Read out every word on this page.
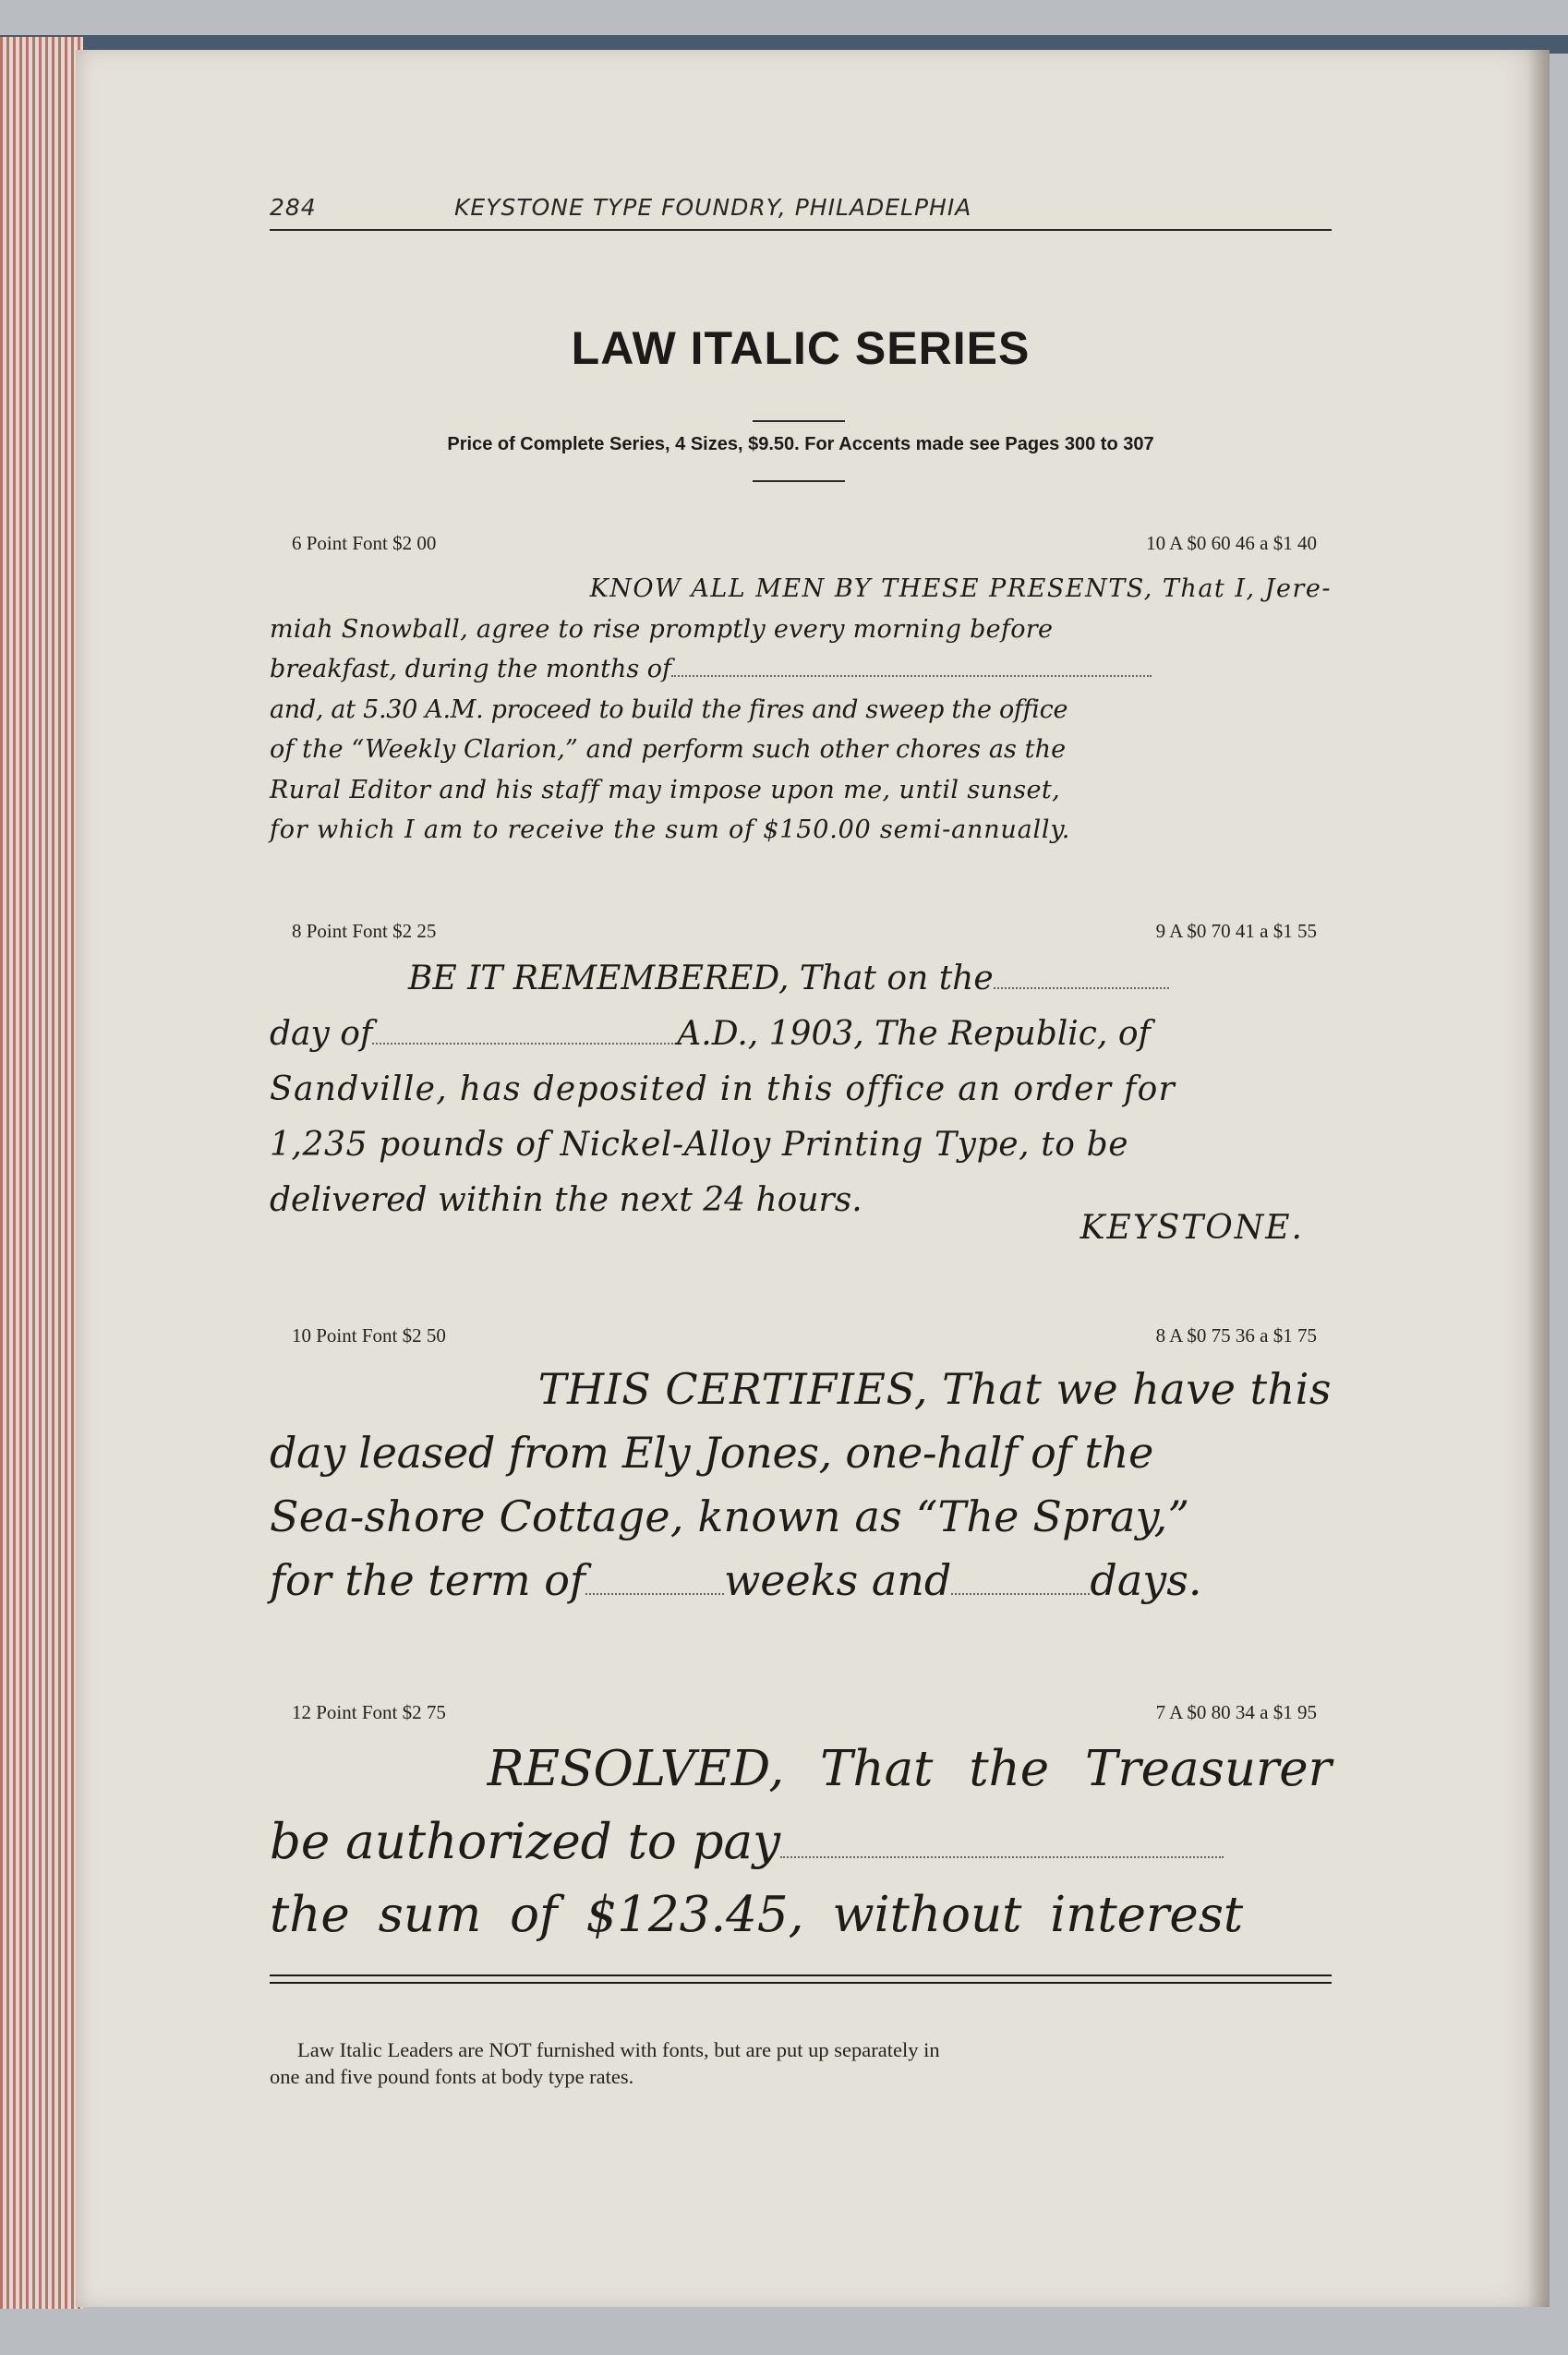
284	KEYSTONE TYPE FOUNDRY, PHILADELPHIA
LAW ITALIC SERIES
Price of Complete Series, 4 Sizes, $9.50. For Accents made see Pages 300 to 307
6 Point Font $2 00	10 A $0 60 46 a $1 40
KNOW ALL MEN BY THESE PRESENTS, That I, Jere-
miah Snowball, agree to rise promptly every morning before
breakfast, during the months of
and, at 5.30 A.M. proceed to build the fires and sweep the office
of the “Weekly Clarion,” and perform such other chores as the
Rural Editor and his staff may impose upon me, until sunset,
for which I am to receive the sum of $150.00 semi-annually.
8 Point Font $2 25	9 A $0 70 41 a $1 55
BE IT REMEMBERED, That on the
day of	A.D., 1903, The Republic, of
Sandville, has deposited in this office an order for
1,235 pounds of Nickel-Alloy Printing Type, to be
delivered within the next 24 hours.
KEYSTONE.
10 Point Font $2 50	8 A $0 75 36 a $1 75
THIS CERTIFIES, That we have this
day leased from Ely Jones, one-half of the
Sea-shore Cottage, known as “The Spray,”
for the term of	weeks and	days.
12 Point Font $2 75	7 A $0 80 34 a $1 95
RESOLVED, That the Treasurer
be authorized to pay
the sum of $123.45, without interest
Law Italic Leaders are NOT furnished with fonts, but are put up separately in
one and five pound fonts at body type rates.
